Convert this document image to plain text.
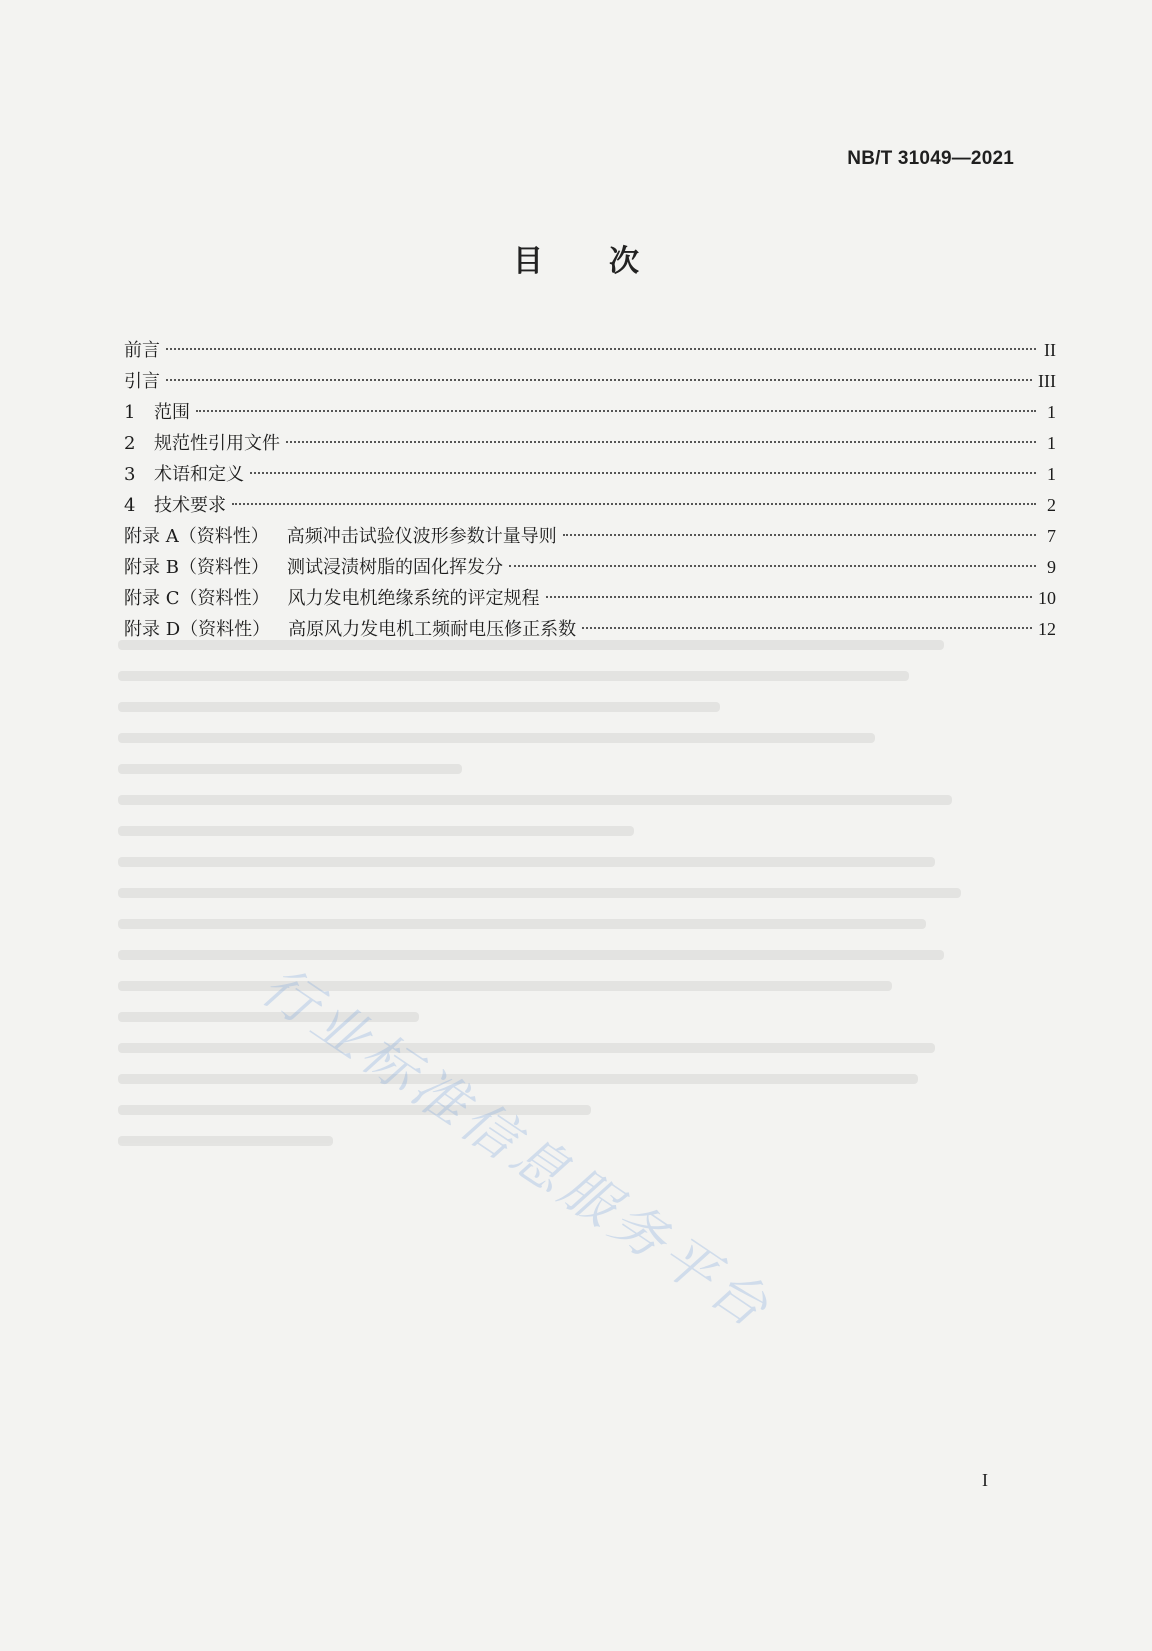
NB/T 31049—2021
目 次
前言	II
引言	III
1	范围	1
2	规范性引用文件	1
3	术语和定义	1
4	技术要求	2
附录 A（资料性） 高频冲击试验仪波形参数计量导则	7
附录 B（资料性） 测试浸渍树脂的固化挥发分	9
附录 C（资料性） 风力发电机绝缘系统的评定规程	10
附录 D（资料性） 高原风力发电机工频耐电压修正系数	12
行业标准信息服务平台
I
